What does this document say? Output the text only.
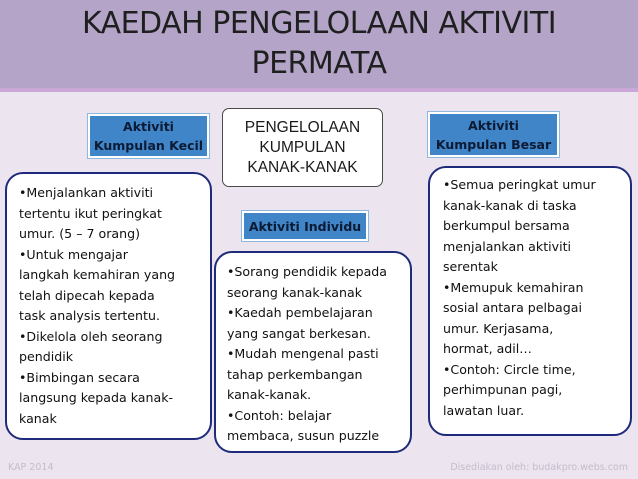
KAEDAH PENGELOLAAN AKTIVITI
PERMATA
Aktiviti
Kumpulan Kecil
PENGELOLAAN
KUMPULAN
KANAK-KANAK
Aktiviti
Kumpulan Besar
Aktiviti Individu

•Menjalankan aktiviti

tertentu ikut peringkat

umur. (5 – 7 orang)

•Untuk mengajar

langkah kemahiran yang

telah dipecah kepada

task analysis tertentu.

•Dikelola oleh seorang

pendidik

•Bimbingan secara

langsung kepada kanak-

kanak

•Sorang pendidik kepada

seorang kanak-kanak

•Kaedah pembelajaran

yang sangat berkesan.

•Mudah mengenal pasti

tahap perkembangan

kanak-kanak.

•Contoh: belajar

membaca, susun puzzle

•Semua peringkat umur

kanak-kanak di taska

berkumpul bersama

menjalankan aktiviti

serentak

•Memupuk kemahiran

sosial antara pelbagai

umur. Kerjasama,

hormat, adil…

•Contoh: Circle time,

perhimpunan pagi,

lawatan luar.

KAP 2014	Disediakan oleh: budakpro.webs.com
